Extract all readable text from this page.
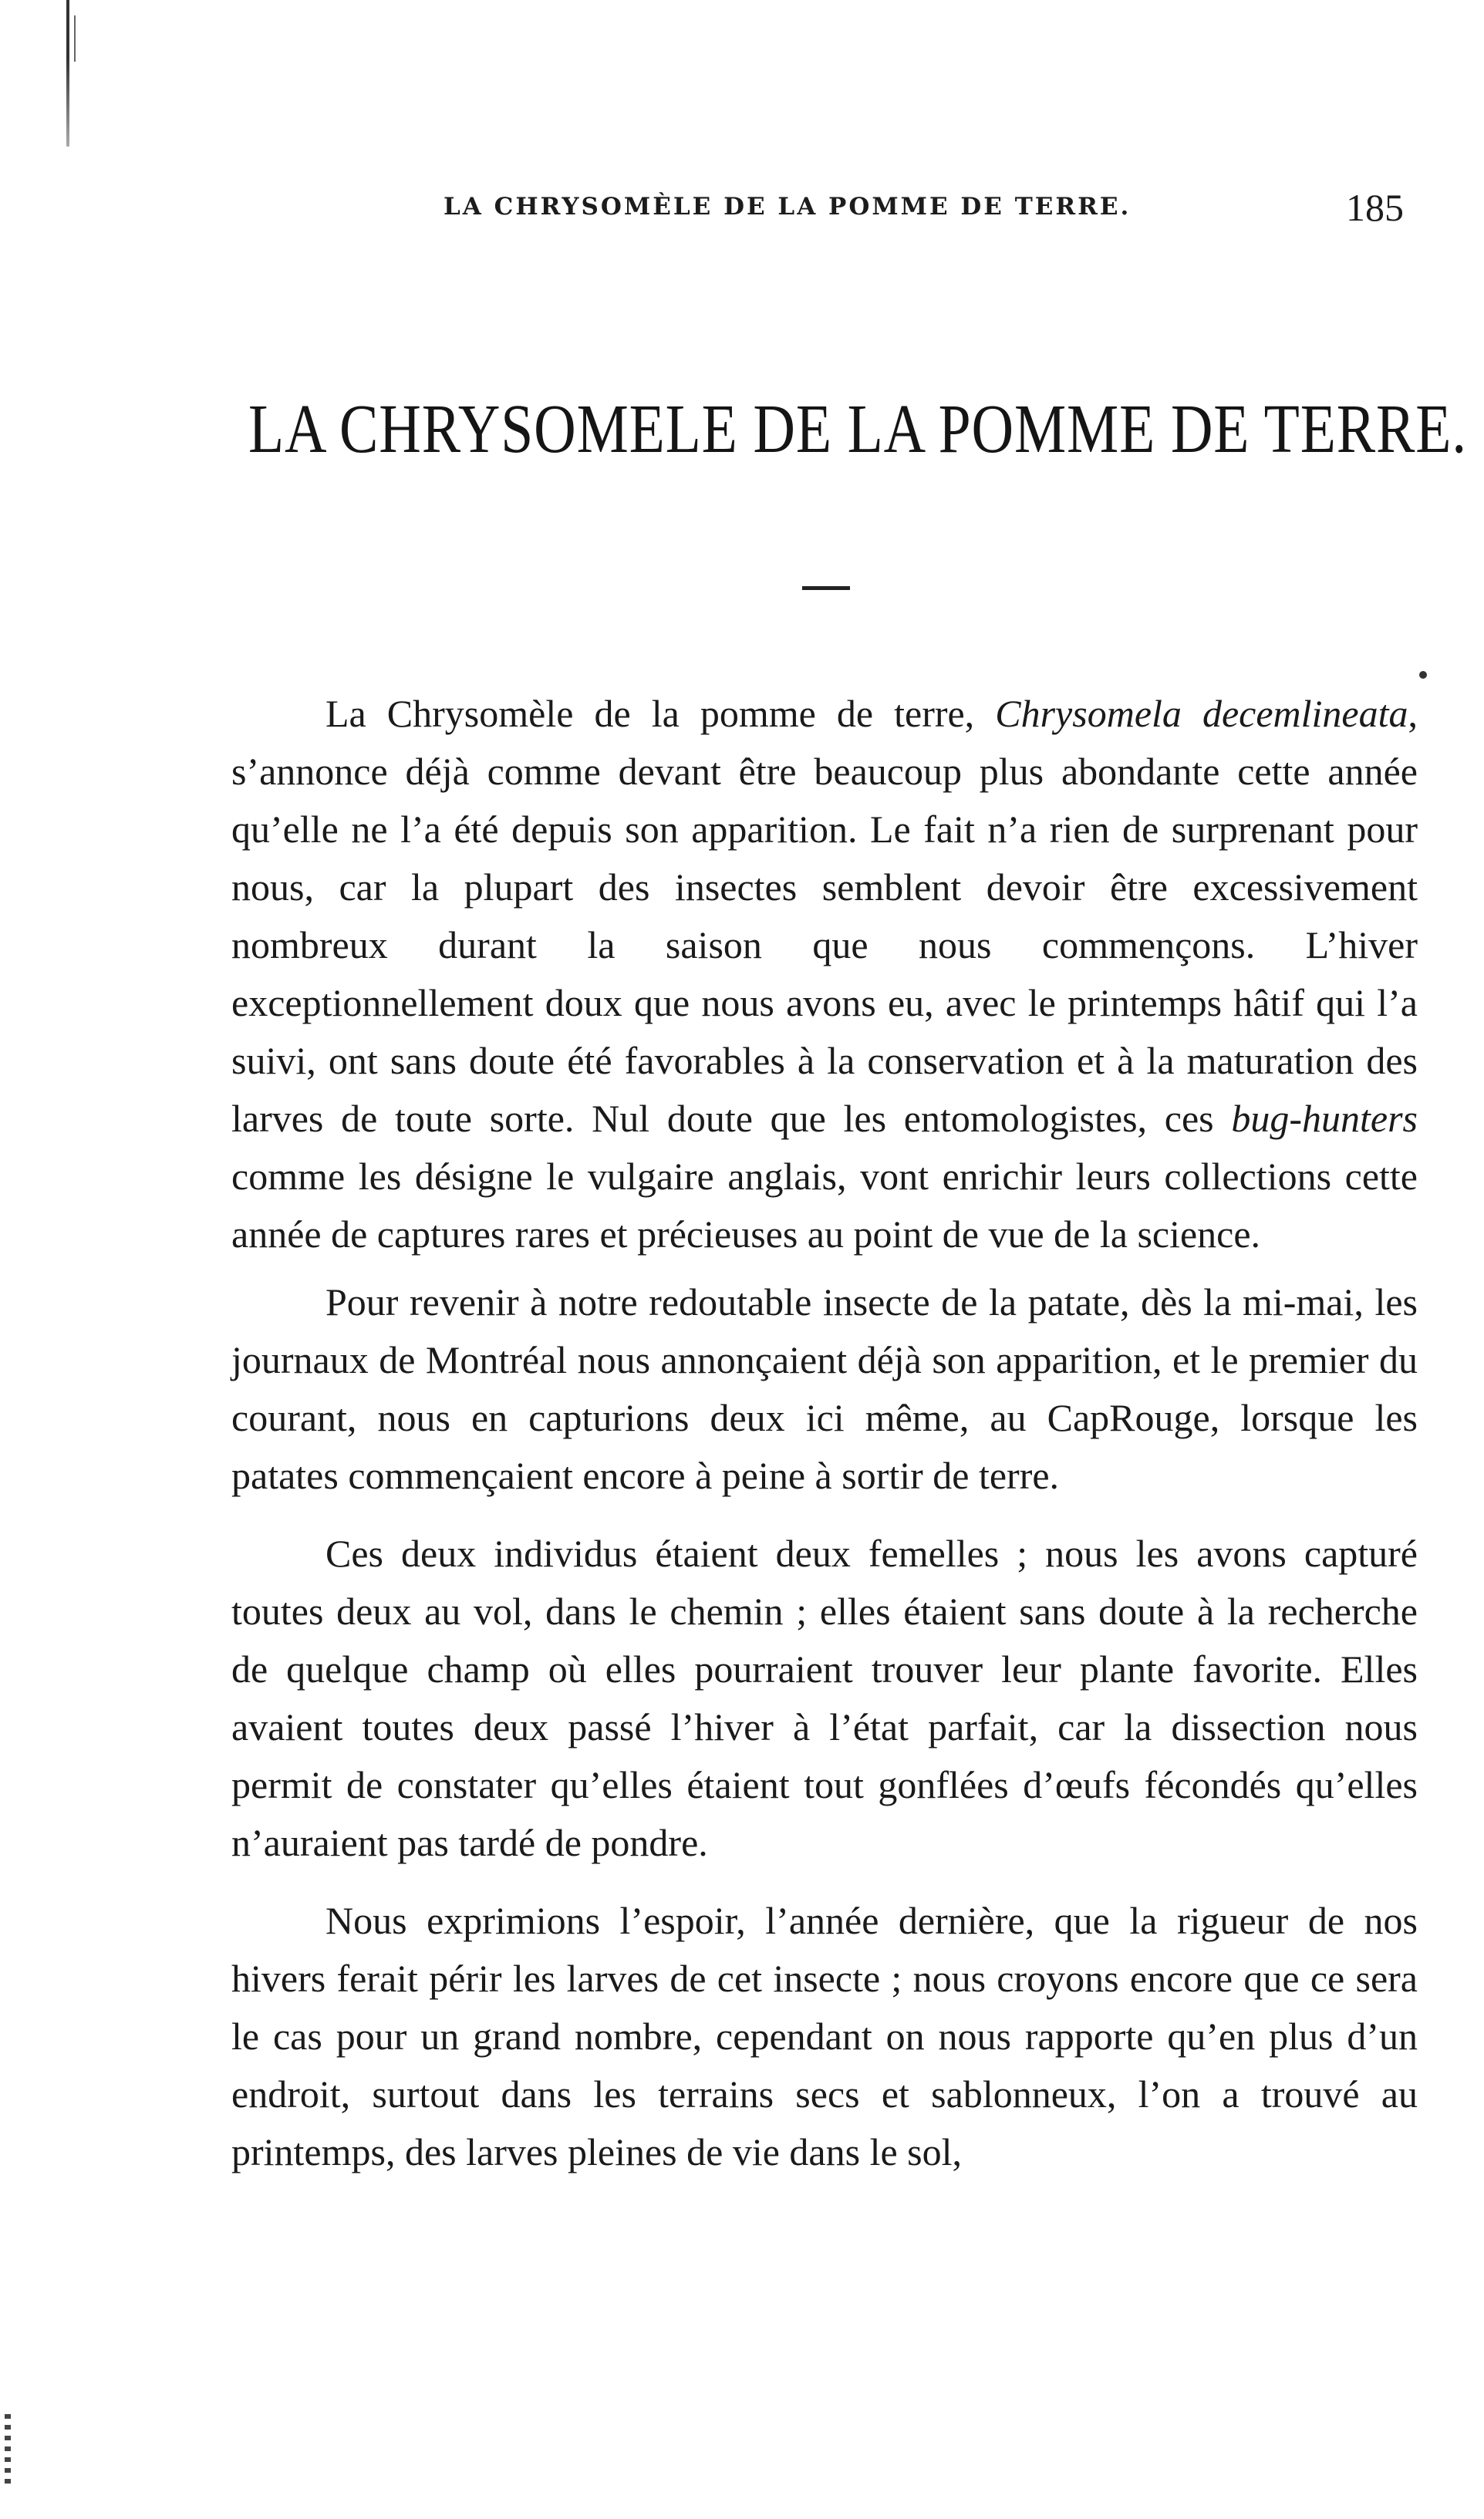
LA CHRYSOMÈLE DE LA POMME DE TERRE.	185
LA CHRYSOMELE DE LA POMME DE TERRE.

La Chrysomèle de la pomme de terre, Chrysomela decemlineata, s’annonce déjà comme devant être beaucoup plus abondante cette année qu’elle ne l’a été depuis son apparition. Le fait n’a rien de surprenant pour nous, car la plupart des insectes semblent devoir être excessivement nombreux durant la saison que nous commençons. L’hiver exceptionnellement doux que nous avons eu, avec le printemps hâtif qui l’a suivi, ont sans doute été favorables à la conservation et à la maturation des larves de toute sorte. Nul doute que les entomologistes, ces bug-hunters comme les désigne le vulgaire anglais, vont enrichir leurs collections cette année de captures rares et précieuses au point de vue de la science.

Pour revenir à notre redoutable insecte de la patate, dès la mi-mai, les journaux de Montréal nous annonçaient déjà son apparition, et le premier du courant, nous en capturions deux ici même, au CapRouge, lorsque les patates commençaient encore à peine à sortir de terre.

Ces deux individus étaient deux femelles ; nous les avons capturé toutes deux au vol, dans le chemin ; elles étaient sans doute à la recherche de quelque champ où elles pourraient trouver leur plante favorite. Elles avaient toutes deux passé l’hiver à l’état parfait, car la dissection nous permit de constater qu’elles étaient tout gonflées d’œufs fécondés qu’elles n’auraient pas tardé de pondre.

Nous exprimions l’espoir, l’année dernière, que la rigueur de nos hivers ferait périr les larves de cet insecte ; nous croyons encore que ce sera le cas pour un grand nombre, cependant on nous rapporte qu’en plus d’un endroit, surtout dans les terrains secs et sablonneux, l’on a trouvé au printemps, des larves pleines de vie dans le sol,
